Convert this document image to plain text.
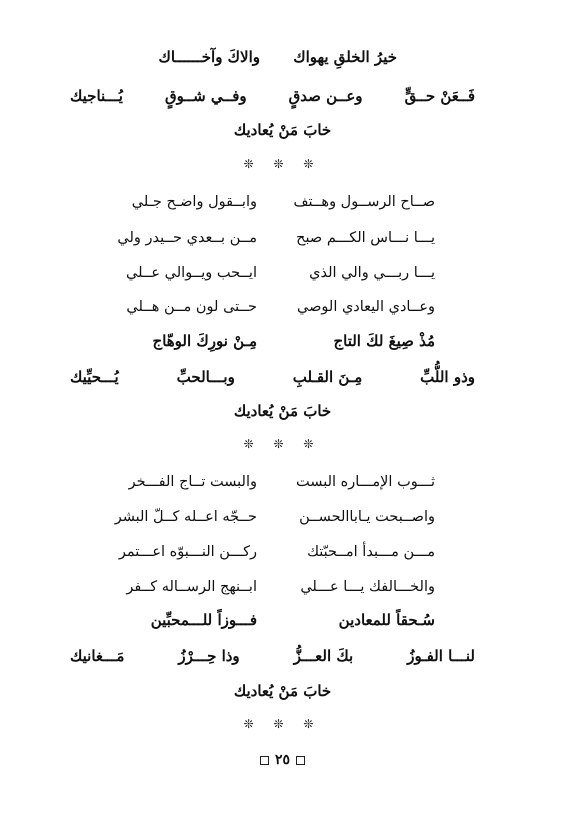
خيرُ الخلقِ يهواك
والاكَ وآخــــــاك
فَــعَنْ حــقٍّ
وعــن صدقٍ
وفــي شــوقٍ
يُـــناجيك
خابَ مَنْ يُعاديك
❊ ❊ ❊
صــاح الرســول وهــتف
وابــقول واضـح جـلي
يـــا نـــاس الكـــم صبح
مــن بــعدي حــيدر ولي
يـــا ربـــي والي الذي
ايــحب ويــوالي عــلي
وعــادي اليعادي الوصي
حــتى لون مــن هــلي
مُذْ صِيغَ لكَ التاج
مِـنْ نورِكَ الوهّاج
وذو اللُّبِّ
مِـنَ القـلبِ
وبـــالحبِّ
يُـــحيِّيك
خابَ مَنْ يُعاديك
❊ ❊ ❊
ثـــوب الإمـــاره البست
والبست تــاج الفـــخر
واصــبحت يـاباالحســن
حــجّه اعــله كــلّ البشر
مـــن مـــبدأ امــحبّتك
ركـــن النـــبوّه اعـــتمر
والخـــالفك يـــا عـــلي
ابــنهج الرســاله كــفر
سُـحقاً للمعادين
فـــوزاً للـــمحبِّين
لنـــا الفـوزُ
بكَ العـــزُّ
وذا حِـــرْزُ
مَـــغانيك
خابَ مَنْ يُعاديك
❊ ❊ ❊
٢٥
